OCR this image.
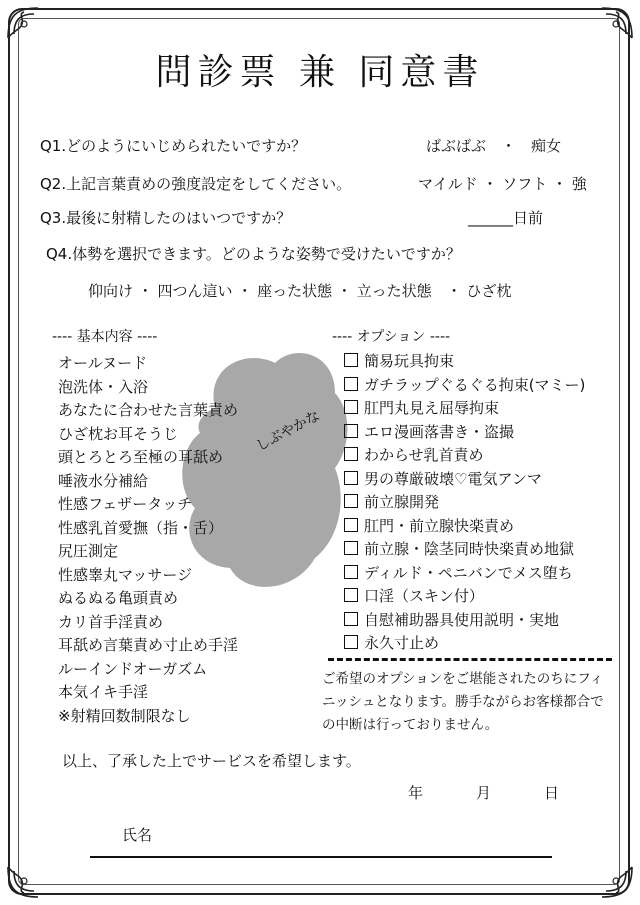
問診票 兼 同意書
Q1.どのようにいじめられたいですか？	ばぶばぶ　・　痴女
Q2.上記言葉責めの強度設定をしてください。	マイルド ・ ソフト ・ 強
Q3.最後に射精したのはいつですか？	______日前
Q4.体勢を選択できます。どのような姿勢で受けたいですか？
仰向け ・ 四つん這い ・ 座った状態 ・ 立った状態　・ ひざ枕
---- 基本内容 ----	---- オプション ----
しぶやかな
オールヌード
泡洗体・入浴
あなたに合わせた言葉責め
ひざ枕お耳そうじ
頭とろとろ至極の耳舐め
唾液水分補給
性感フェザータッチ
性感乳首愛撫（指・舌）
尻圧測定
性感睾丸マッサージ
ぬるぬる亀頭責め
カリ首手淫責め
耳舐め言葉責め寸止め手淫
ルーインドオーガズム
本気イキ手淫
※射精回数制限なし
簡易玩具拘束
ガチラップぐるぐる拘束(マミー)
肛門丸見え屈辱拘束
エロ漫画落書き・盗撮
わからせ乳首責め
男の尊厳破壊♡電気アンマ
前立腺開発
肛門・前立腺快楽責め
前立腺・陰茎同時快楽責め地獄
ディルド・ペニバンでメス堕ち
口淫（スキン付）
自慰補助器具使用説明・実地
永久寸止め
ご希望のオプションをご堪能されたのちにフィニッシュとなります。勝手ながらお客様都合での中断は行っておりません。
以上、了承した上でサービスを希望します。
年	月	日
氏名
